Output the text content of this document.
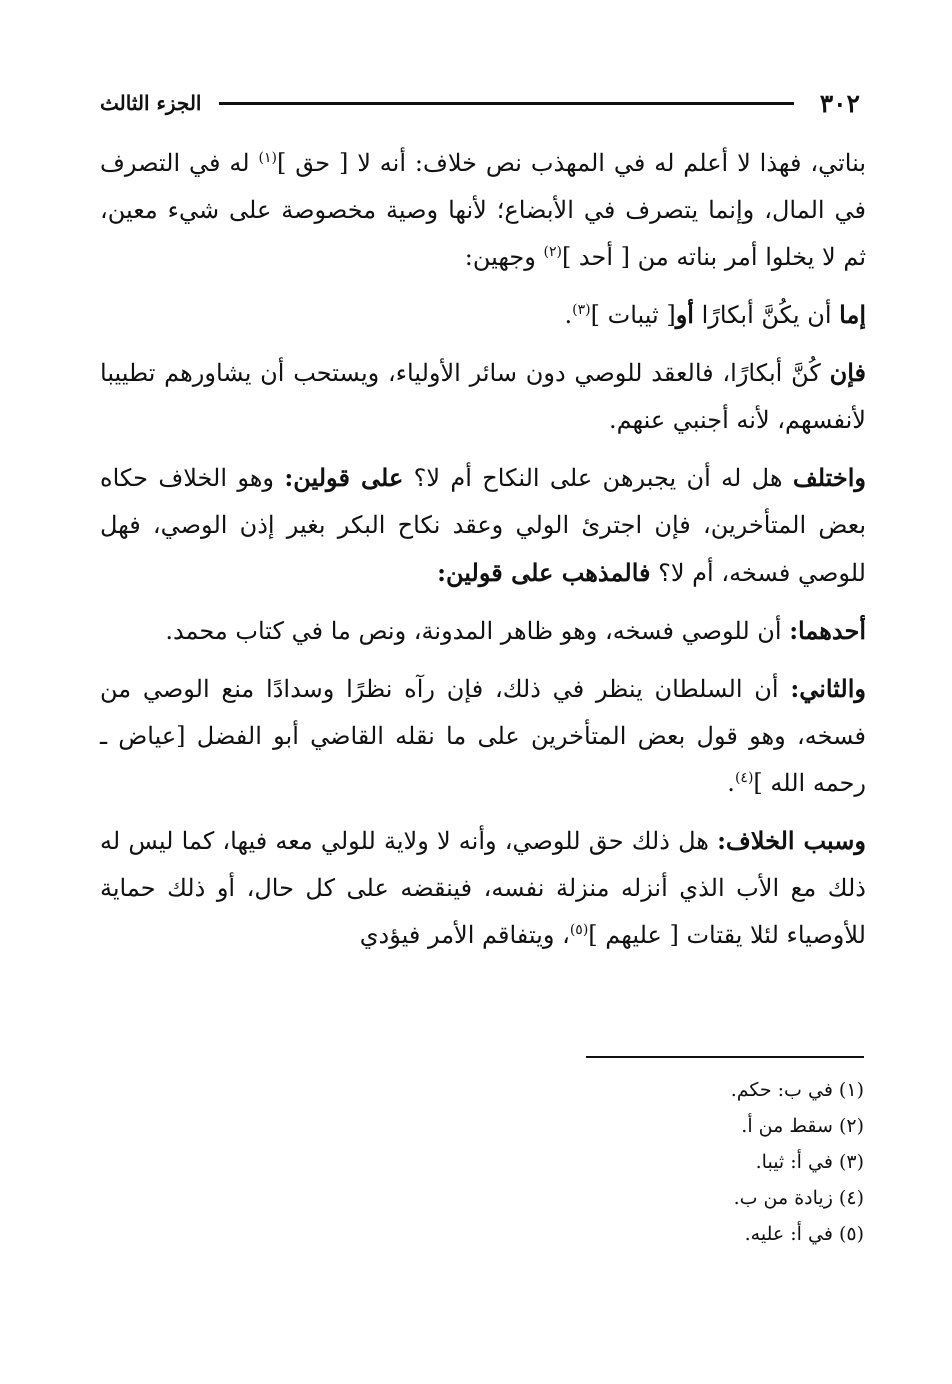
٣٠٢
الجزء الثالث

بناتي، فهذا لا أعلم له في المهذب نص خلاف: أنه لا [ حق ]$^{(١)}$ له في التصرف في المال، وإنما يتصرف في الأبضاع؛ لأنها وصية مخصوصة على شيء معين، ثم لا يخلوا أمر بناته من [ أحد ]$^{(٢)}$ وجهين:

إما أن يكُنَّ أبكارًا أو[ ثيبات ]$^{(٣)}$.

فإن كُنَّ أبكارًا، فالعقد للوصي دون سائر الأولياء، ويستحب أن يشاورهم تطييبا لأنفسهم، لأنه أجنبي عنهم.

واختلف هل له أن يجبرهن على النكاح أم لا؟ على قولين: وهو الخلاف حكاه بعض المتأخرين، فإن اجترئ الولي وعقد نكاح البكر بغير إذن الوصي، فهل للوصي فسخه، أم لا؟ فالمذهب على قولين:

أحدهما: أن للوصي فسخه، وهو ظاهر المدونة، ونص ما في كتاب محمد.

والثاني: أن السلطان ينظر في ذلك، فإن رآه نظرًا وسدادًا منع الوصي من فسخه، وهو قول بعض المتأخرين على ما نقله القاضي أبو الفضل [عياض ـ رحمه الله ]$^{(٤)}$.

وسبب الخلاف: هل ذلك حق للوصي، وأنه لا ولاية للولي معه فيها، كما ليس له ذلك مع الأب الذي أنزله منزلة نفسه، فينقضه على كل حال، أو ذلك حماية للأوصياء لئلا يقتات [ عليهم ]$^{(٥)}$، ويتفاقم الأمر فيؤدي

(١) في ب: حكم.

(٢) سقط من أ.

(٣) في أ: ثيبا.

(٤) زيادة من ب.

(٥) في أ: عليه.
